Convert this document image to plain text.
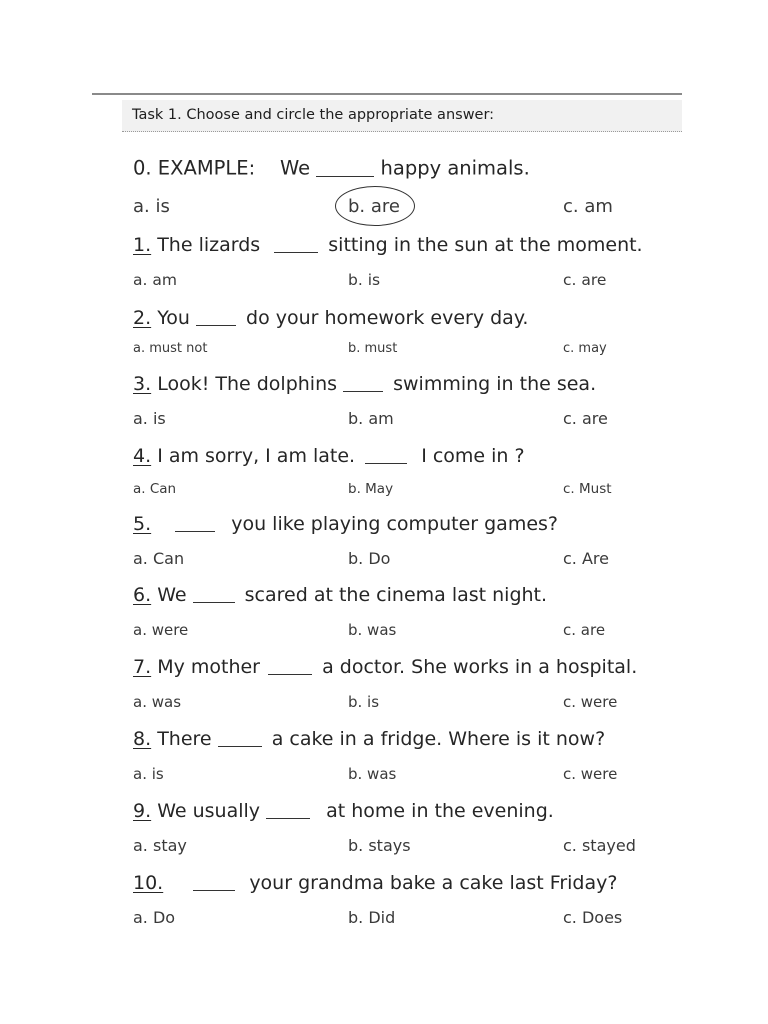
Task 1. Choose and circle the appropriate answer:
0. EXAMPLE: We	happy animals.
a. is	b. are	c. am
1. The lizards	sitting in the sun at the moment.
a. am	b. is	c. are
2. You	do your homework every day.
a. must not	b. must	c. may
3. Look! The dolphins	swimming in the sea.
a. is	b. am	c. are
4. I am sorry, I am late.	I come in ?
a. Can	b. May	c. Must
5.	you like playing computer games?
a. Can	b. Do	c. Are
6. We	scared at the cinema last night.
a. were	b. was	c. are
7. My mother	a doctor. She works in a hospital.
a. was	b. is	c. were
8. There	a cake in a fridge. Where is it now?
a. is	b. was	c. were
9. We usually	at home in the evening.
a. stay	b. stays	c. stayed
10.	your grandma bake a cake last Friday?
a. Do	b. Did	c. Does
